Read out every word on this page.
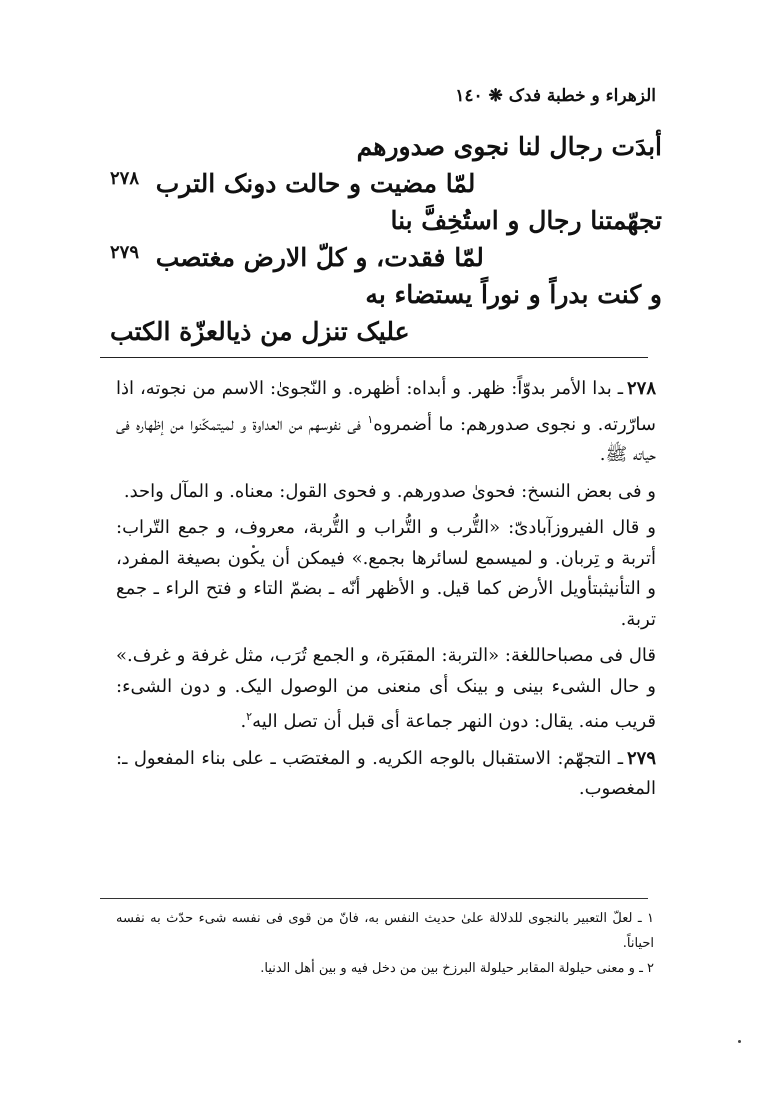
الزهراء و خطبة فدک ❋ ١٤٠
أبدَت رجال لنا نجوى صدورهم
لمّا مضیت و حالت دونک الترب $^{٢٧٨}$
تجهّمتنا رجال و استُخِفَّ بنا
لمّا فقدت، و کلّ الارض مغتصب $^{٢٧٩}$
و کنت بدراً و نوراً یستضاء به
علیک تنزل من ذیالعزّة الکتب

٢٧٨ـ بدا الأمر بدوّاً: ظهر. و أبداه: أظهره. و النّجویٰ: الاسم من نجوته، اذا سارّرته. و نجوی صدورهم: ما أضمروه$^١$ فی نفوسهم من العداوة و لمیتمکّنوا من إظهاره فی حیاته ﷺ.

و فی بعض النسخ: فحویٰ صدورهم. و فحوی القول: معناه. و المآل واحد.

و قال الفیروزآبادیّ: «التُّرب و التُّراب و التُّربة، معروف، و جمع التّراب: أتربة و تِربان. و لمیسمع لسائرها بجمع.» فیمکن أن یکون بصیغة المفرد، و التأنیثبتأویل الأرض کما قیل. و الأظهر أنّه ـ بضمّ التاء و فتح الراء ـ جمع تربة.

قال فی مصباحاللغة: «التربة: المقبَرة، و الجمع تُرَب، مثل غرفة و غرف.» و حال الشیء بینی و بینک أی منعنی من الوصول الیک. و دون الشیء: قریب منه. یقال: دون النهر جماعة أی قبل أن تصل الیه$^٢$.

٢٧٩ـ التجهّم: الاستقبال بالوجه الکریه. و المغتصَب ـ علی بناء المفعول ـ: المغصوب.

١ ـ لعلّ التعبیر بالنجوی للدلالة علیٰ حدیث النفس به، فانّ من قوی فی نفسه شیء حدّث به نفسه احیاناً.
٢ ـ و معنی حیلولة المقابر حیلولة البرزخ بین من دخل فیه و بین أهل الدنیا.
